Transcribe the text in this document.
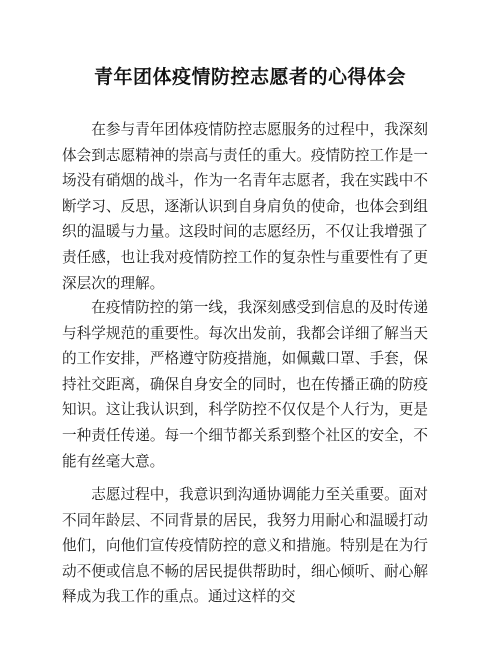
青年团体疫情防控志愿者的心得体会

在参与青年团体疫情防控志愿服务的过程中，我深刻体会到志愿精神的崇高与责任的重大。疫情防控工作是一场没有硝烟的战斗，作为一名青年志愿者，我在实践中不断学习、反思，逐渐认识到自身肩负的使命，也体会到组织的温暖与力量。这段时间的志愿经历，不仅让我增强了责任感，也让我对疫情防控工作的复杂性与重要性有了更深层次的理解。

在疫情防控的第一线，我深刻感受到信息的及时传递与科学规范的重要性。每次出发前，我都会详细了解当天的工作安排，严格遵守防疫措施，如佩戴口罩、手套，保持社交距离，确保自身安全的同时，也在传播正确的防疫知识。这让我认识到，科学防控不仅仅是个人行为，更是一种责任传递。每一个细节都关系到整个社区的安全，不能有丝毫大意。

志愿过程中，我意识到沟通协调能力至关重要。面对不同年龄层、不同背景的居民，我努力用耐心和温暖打动他们，向他们宣传疫情防控的意义和措施。特别是在为行动不便或信息不畅的居民提供帮助时，细心倾听、耐心解释成为我工作的重点。通过这样的交
